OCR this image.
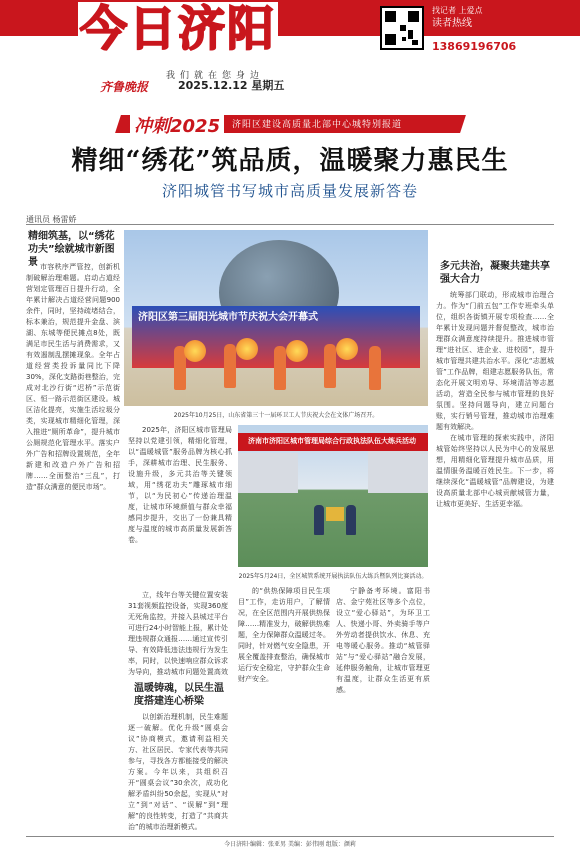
今日济阳	找记者 上爱点
读者热线
13869196706
我们就在您身边
齐鲁晚报	2025.12.12 星期五
冲刺2025	济阳区建设高质量北部中心城特别报道
精细“绣花”筑品质，温暖聚力惠民生
济阳城管书写城市高质量发展新答卷
通讯员 杨雷娇
精细筑基，以“绣花功夫”绘就城市新图景 市容秩序严管控，创新机制破解治理难题。启动占道经营划定管理百日提升行动，全年累计解决占道经营问题900余件，同时，坚持疏堵结合，标本兼治，规范提升金盘、滨湖、东城等便民摊点8处，既满足市民生活与消费需求，又有效遏制乱摆摊现象。全年占道经营类投诉量同比下降30%，深化支路街巷整治，完成对北沙行街“迟桥”示范街区、恒一路示范街区建设。城区洁化提亮，实施生活垃圾分类，实现城市精细化管理，深入推进“厕所革命”，提升城市公厕规范化管理水平。落实户外广告和招牌设置规范，全年新建和改造户外广告和招牌……全面整治“三乱”，打造“群众满意的便民市场”。

济阳区第三届阳光城市节庆祝大会开幕式
2025年10月25日，山东省第三十一届环卫工人节庆祝大会在文体广场召开。

2025年，济阳区城市管理局坚持以党建引领，精细化管理，以“温暖城管”服务品牌为核心抓手，深耕城市治理、民生服务、设施升级，多元共治等关键领域，用“绣花功夫”雕琢城市细节，以“为民初心”传递治理温度，让城市环境颜值与群众幸福感同步提升，交出了一份兼具精度与温度的城市高质量发展新答卷。

济南市济阳区城市管理局综合行政执法队伍大练兵活动
2025年5月24日，全区城管系统开展执法队伍大练兵暨队列比赛活动。
多元共治，凝聚共建共享强大合力

统筹部门联动，形成城市治理合力。作为“门前五包”工作专班牵头单位，组织各街镇开展专项检查……全年累计发现问题并督促整改，城市治理群众满意度持续提升。推进城市管理“进社区、进企业、进校园”，提升城市管理共建共治水平。深化“志愿城管”工作品牌，组建志愿服务队伍，常态化开展文明劝导、环境清洁等志愿活动，营造全民参与城市管理的良好氛围。坚持问题导向，建立问题台账，实行销号管理，推动城市治理难题有效解决。

在城市管理的探索实践中，济阳城管始终坚持以人民为中心的发展思想，用精细化管理提升城市品质，用温情服务温暖百姓民生。下一步，将继续深化“温暖城管”品牌建设，为建设高质量北部中心城贡献城管力量，让城市更美好、生活更幸福。

立，线年台等关键位置安装31套视频监控设备，实现360度无死角监控，并接入县城过平台可进行24小时智能上报，累计处理违规群众通报……通过宣传引导、有效降低违法违规行为发生率，同时，以快速响应群众诉求为导向，推动城市问题处置高效

温暖铸魂，以民生温度搭建连心桥梁

以创新治理机制，民生难题逐一破解。优化升级“圆桌会议”协商模式，邀请利益相关方、社区居民、专家代表等共同参与，寻找各方都能接受的解决方案。今年以来，共组织召开“圆桌会议”30余次，成功化解矛盾纠纷50余起，实现从“对立”到“对话”、“误解”到“理解”的良性转变，打造了“共商共治”的城市治理新模式。

的“供热保障项目民生项目”工作，走访用户，了解情况，在全区范围内开展供热保障……精准发力，破解供热难题，全力保障群众温暖过冬。同时，针对燃气安全隐患，开展全覆盖排查整治，确保城市运行安全稳定，守护群众生命财产安全。

宁静备考环境。富阳书店、金宁苑社区等多个点位，设立“爱心驿站”，为环卫工人、快递小哥、外卖骑手等户外劳动者提供饮水、休息、充电等暖心服务。推动“城管驿站”与“爱心驿站”融合发展，延伸服务触角，让城市管理更有温度，让群众生活更有质感。

今日济阳·编辑：张亚男 美编：彭伟刚 组版：颜莉
